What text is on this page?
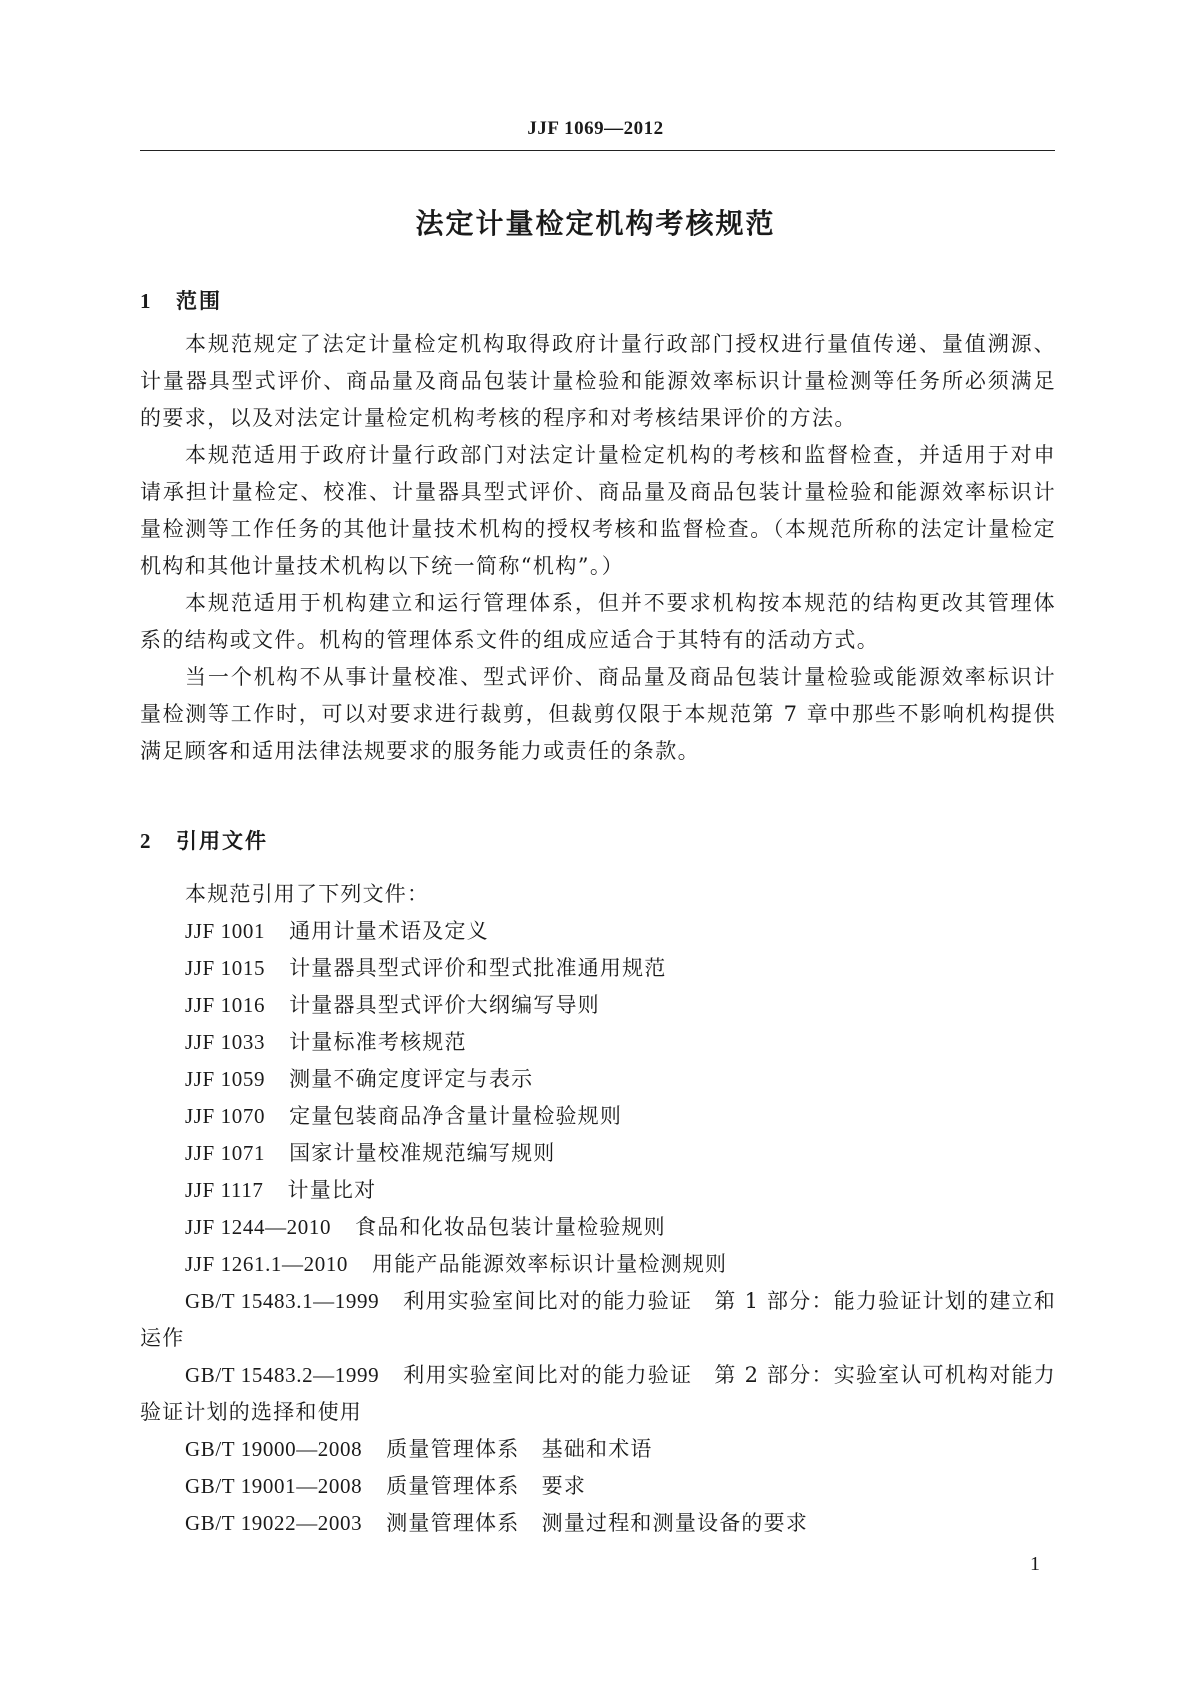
JJF 1069—2012
法定计量检定机构考核规范
1 范围
本规范规定了法定计量检定机构取得政府计量行政部门授权进行量值传递、量值溯源、计量器具型式评价、商品量及商品包装计量检验和能源效率标识计量检测等任务所必须满足的要求，以及对法定计量检定机构考核的程序和对考核结果评价的方法。
本规范适用于政府计量行政部门对法定计量检定机构的考核和监督检查，并适用于对申请承担计量检定、校准、计量器具型式评价、商品量及商品包装计量检验和能源效率标识计量检测等工作任务的其他计量技术机构的授权考核和监督检查。（本规范所称的法定计量检定机构和其他计量技术机构以下统一简称“机构”。）
本规范适用于机构建立和运行管理体系，但并不要求机构按本规范的结构更改其管理体系的结构或文件。机构的管理体系文件的组成应适合于其特有的活动方式。
当一个机构不从事计量校准、型式评价、商品量及商品包装计量检验或能源效率标识计量检测等工作时，可以对要求进行裁剪，但裁剪仅限于本规范第 7 章中那些不影响机构提供满足顾客和适用法律法规要求的服务能力或责任的条款。
2 引用文件
本规范引用了下列文件：
JJF 1001 通用计量术语及定义
JJF 1015 计量器具型式评价和型式批准通用规范
JJF 1016 计量器具型式评价大纲编写导则
JJF 1033 计量标准考核规范
JJF 1059 测量不确定度评定与表示
JJF 1070 定量包装商品净含量计量检验规则
JJF 1071 国家计量校准规范编写规则
JJF 1117 计量比对
JJF 1244—2010 食品和化妆品包装计量检验规则
JJF 1261.1—2010 用能产品能源效率标识计量检测规则
GB/T 15483.1—1999 利用实验室间比对的能力验证　第 1 部分：能力验证计划的建立和运作
GB/T 15483.2—1999 利用实验室间比对的能力验证　第 2 部分：实验室认可机构对能力验证计划的选择和使用
GB/T 19000—2008 质量管理体系　基础和术语
GB/T 19001—2008 质量管理体系　要求
GB/T 19022—2003 测量管理体系　测量过程和测量设备的要求
1
